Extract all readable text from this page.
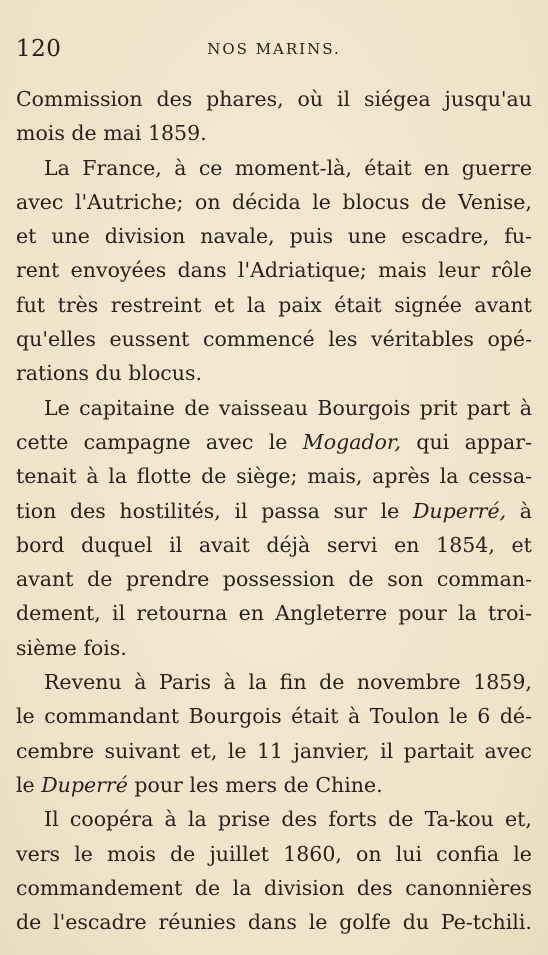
120	NOS MARINS.
Commission des phares, où il siégea jusqu'au
mois de mai 1859.
La France, à ce moment-là, était en guerre
avec l'Autriche; on décida le blocus de Venise,
et une division navale, puis une escadre, fu-
rent envoyées dans l'Adriatique; mais leur rôle
fut très restreint et la paix était signée avant
qu'elles eussent commencé les véritables opé-
rations du blocus.
Le capitaine de vaisseau Bourgois prit part à
cette campagne avec le Mogador, qui appar-
tenait à la flotte de siège; mais, après la cessa-
tion des hostilités, il passa sur le Duperré, à
bord duquel il avait déjà servi en 1854, et
avant de prendre possession de son comman-
dement, il retourna en Angleterre pour la troi-
sième fois.
Revenu à Paris à la fin de novembre 1859,
le commandant Bourgois était à Toulon le 6 dé-
cembre suivant et, le 11 janvier, il partait avec
le Duperré pour les mers de Chine.
Il coopéra à la prise des forts de Ta-kou et,
vers le mois de juillet 1860, on lui confia le
commandement de la division des canonnières
de l'escadre réunies dans le golfe du Pe-tchili.
